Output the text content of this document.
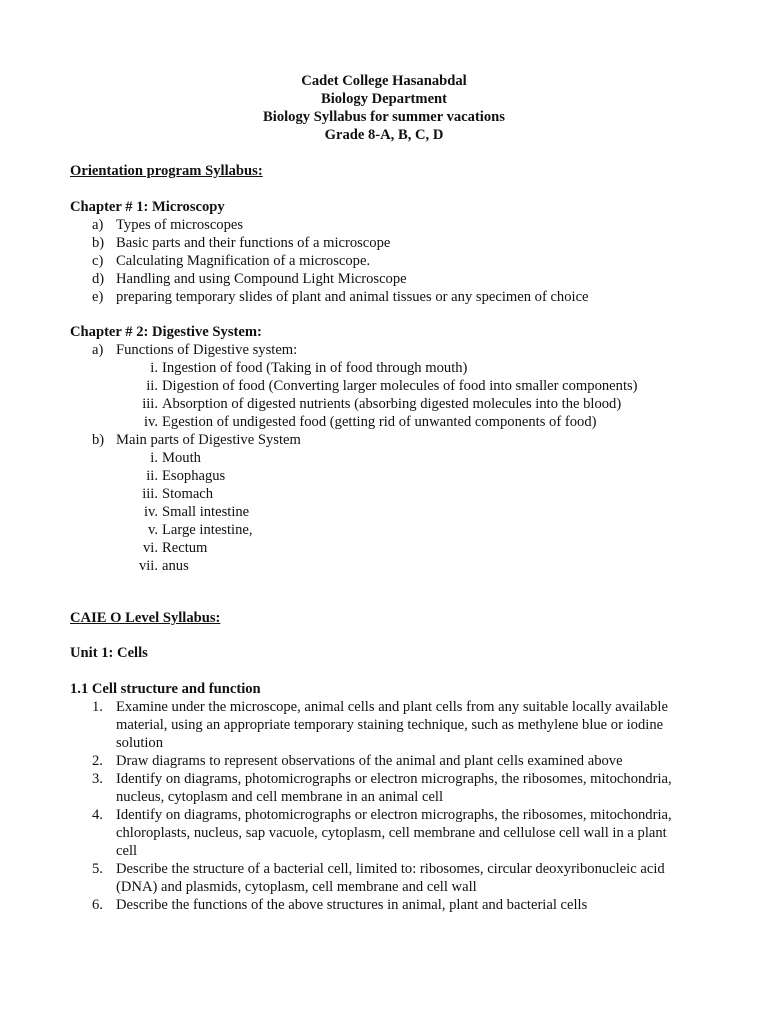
Cadet College Hasanabdal
Biology Department
Biology Syllabus for summer vacations
Grade 8-A, B, C, D
Orientation program Syllabus:
Chapter # 1: Microscopy
a) Types of microscopes
b) Basic parts and their functions of a microscope
c) Calculating Magnification of a microscope.
d) Handling and using Compound Light Microscope
e) preparing temporary slides of plant and animal tissues or any specimen of choice
Chapter # 2: Digestive System:
a) Functions of Digestive system:
i. Ingestion of food (Taking in of food through mouth)
ii. Digestion of food (Converting larger molecules of food into smaller components)
iii. Absorption of digested nutrients (absorbing digested molecules into the blood)
iv. Egestion of undigested food (getting rid of unwanted components of food)
b) Main parts of Digestive System
i. Mouth
ii. Esophagus
iii. Stomach
iv. Small intestine
v. Large intestine,
vi. Rectum
vii. anus
CAIE O Level Syllabus:
Unit 1: Cells
1.1 Cell structure and function
1. Examine under the microscope, animal cells and plant cells from any suitable locally available material, using an appropriate temporary staining technique, such as methylene blue or iodine solution
2. Draw diagrams to represent observations of the animal and plant cells examined above
3. Identify on diagrams, photomicrographs or electron micrographs, the ribosomes, mitochondria, nucleus, cytoplasm and cell membrane in an animal cell
4. Identify on diagrams, photomicrographs or electron micrographs, the ribosomes, mitochondria, chloroplasts, nucleus, sap vacuole, cytoplasm, cell membrane and cellulose cell wall in a plant cell
5. Describe the structure of a bacterial cell, limited to: ribosomes, circular deoxyribonucleic acid (DNA) and plasmids, cytoplasm, cell membrane and cell wall
6. Describe the functions of the above structures in animal, plant and bacterial cells
